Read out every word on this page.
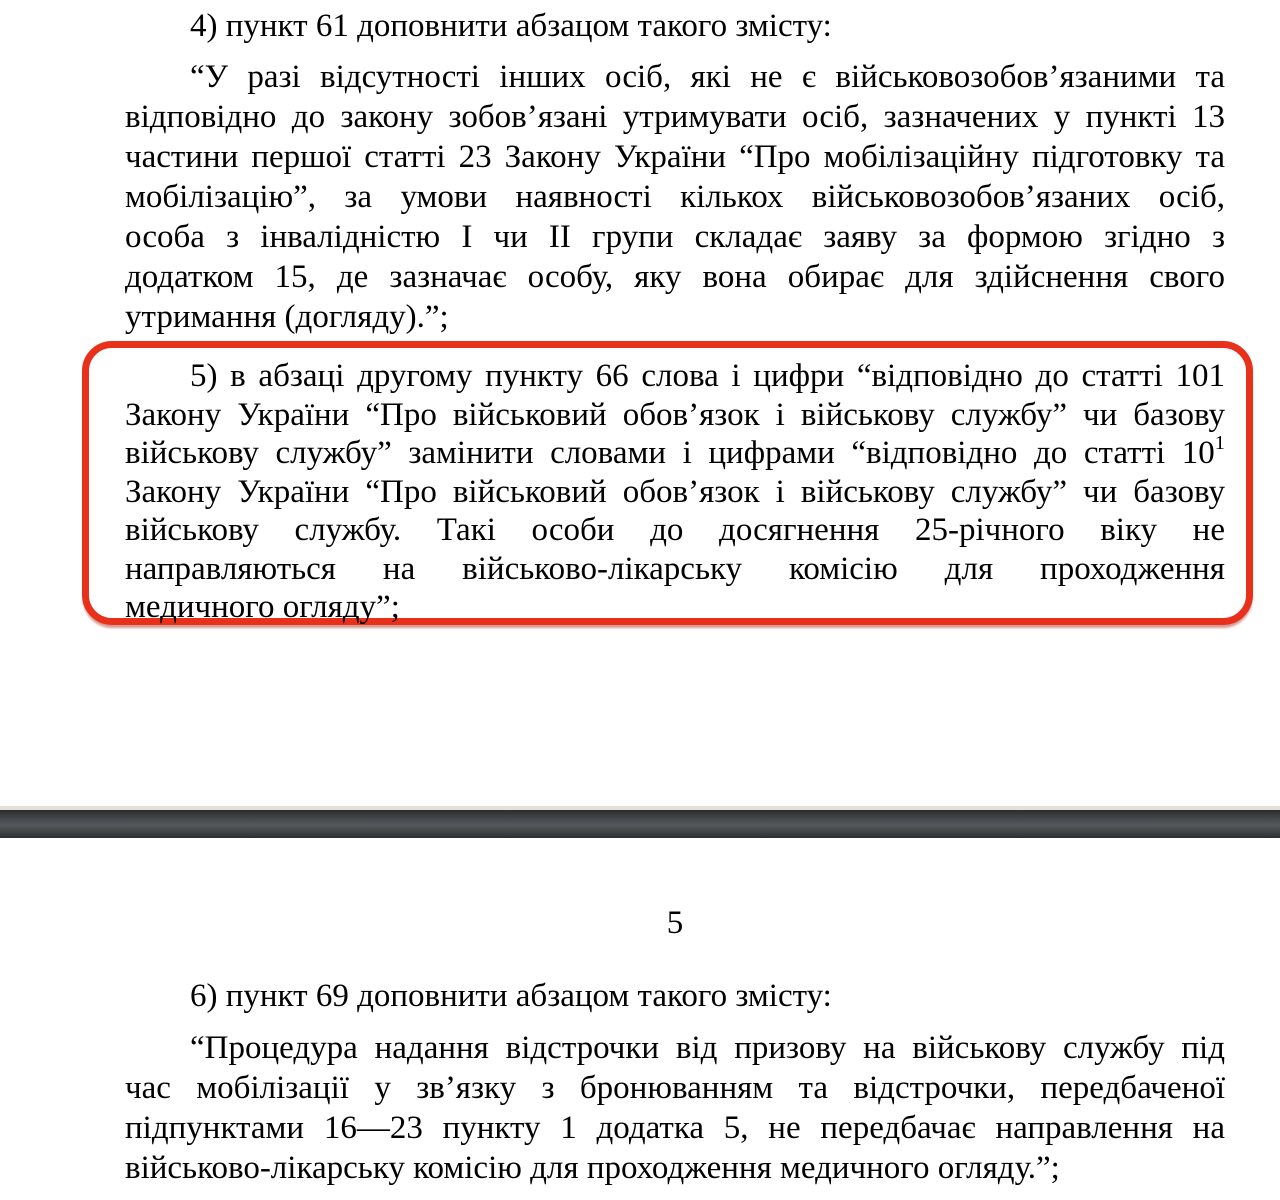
4) пункт 61 доповнити абзацом такого змісту:
“У разі відсутності інших осіб, які не є військовозобов’язаними та
відповідно до закону зобов’язані утримувати осіб, зазначених у пункті 13
частини першої статті 23 Закону України “Про мобілізаційну підготовку та
мобілізацію”, за умови наявності кількох військовозобов’язаних осіб,
особа з інвалідністю І чи ІІ групи складає заяву за формою згідно з
додатком 15, де зазначає особу, яку вона обирає для здійснення свого
утримання (догляду).”;
5) в абзаці другому пункту 66 слова і цифри “відповідно до статті 101
Закону України “Про військовий обов’язок і військову службу” чи базову
військову службу” замінити словами і цифрами “відповідно до статті $10^1$
Закону України “Про військовий обов’язок і військову службу” чи базову
військову службу. Такі особи до досягнення 25-річного віку не
направляються на військово-лікарську комісію для проходження
медичного огляду”;
5
6) пункт 69 доповнити абзацом такого змісту:
“Процедура надання відстрочки від призову на військову службу під
час мобілізації у зв’язку з бронюванням та відстрочки, передбаченої
підпунктами 16—23 пункту 1 додатка 5, не передбачає направлення на
військово-лікарську комісію для проходження медичного огляду.”;
